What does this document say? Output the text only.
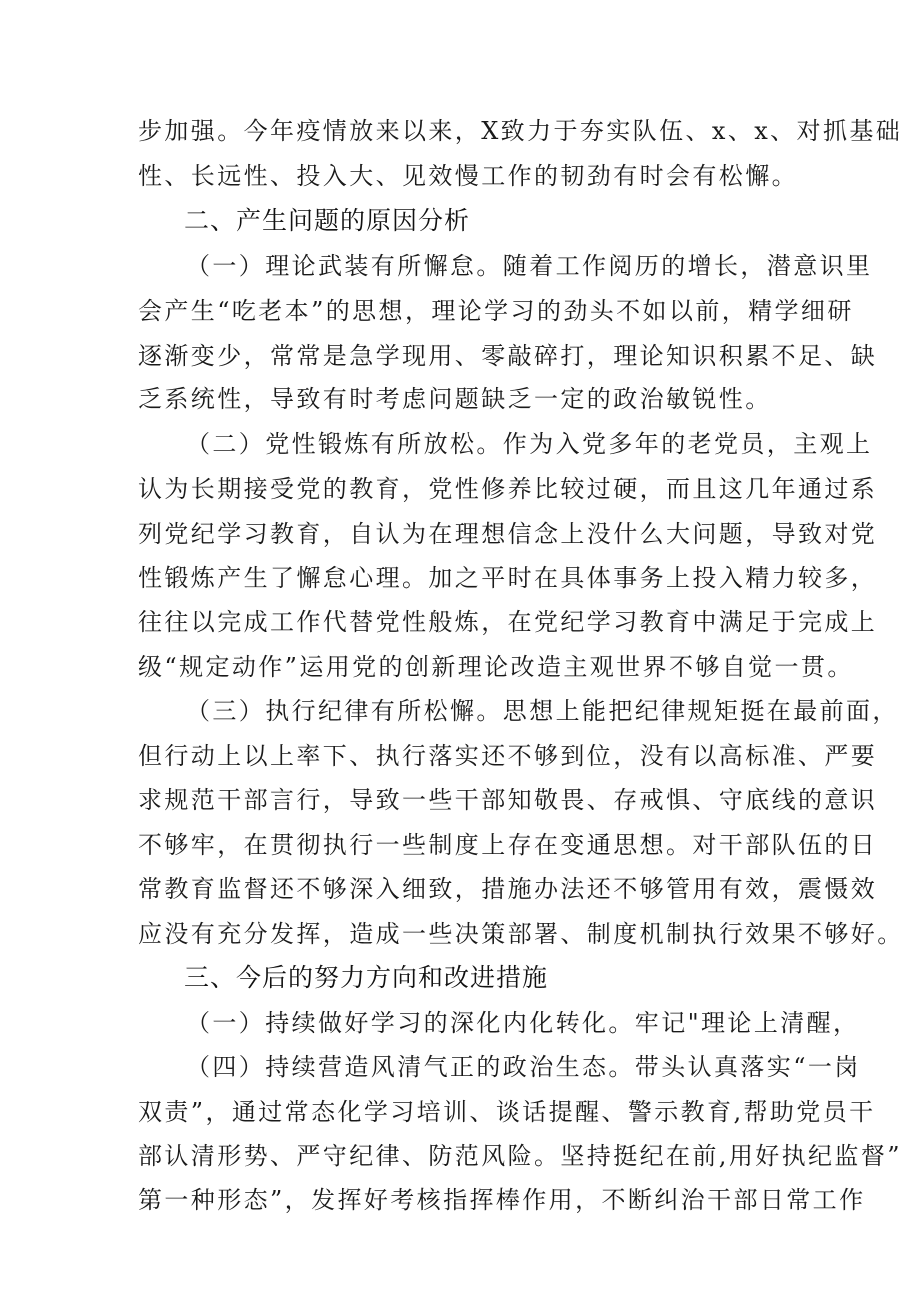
步加强。今年疫情放来以来，X致力于夯实队伍、x、x、对抓基础
性、长远性、投入大、见效慢工作的韧劲有时会有松懈。
二、产生问题的原因分析
（一）理论武装有所懈怠。随着工作阅历的增长，潜意识里
会产生“吃老本”的思想，理论学习的劲头不如以前，精学细研
逐渐变少，常常是急学现用、零敲碎打，理论知识积累不足、缺
乏系统性，导致有时考虑问题缺乏一定的政治敏锐性。
（二）党性锻炼有所放松。作为入党多年的老党员，主观上
认为长期接受党的教育，党性修养比较过硬，而且这几年通过系
列党纪学习教育，自认为在理想信念上没什么大问题，导致对党
性锻炼产生了懈怠心理。加之平时在具体事务上投入精力较多，
往往以完成工作代替党性般炼，在党纪学习教育中满足于完成上
级“规定动作”运用党的创新理论改造主观世界不够自觉一贯。
（三）执行纪律有所松懈。思想上能把纪律规矩挺在最前面，
但行动上以上率下、执行落实还不够到位，没有以高标准、严要
求规范干部言行，导致一些干部知敬畏、存戒惧、守底线的意识
不够牢，在贯彻执行一些制度上存在变通思想。对干部队伍的日
常教育监督还不够深入细致，措施办法还不够管用有效，震慑效
应没有充分发挥，造成一些决策部署、制度机制执行效果不够好。
三、今后的努力方向和改进措施
（一）持续做好学习的深化内化转化。牢记"理论上清醒，
（四）持续营造风清气正的政治生态。带头认真落实“一岗
双责”，通过常态化学习培训、谈话提醒、警示教育,帮助党员干
部认清形势、严守纪律、防范风险。坚持挺纪在前,用好执纪监督”
第一种形态”，发挥好考核指挥棒作用，不断纠治干部日常工作
